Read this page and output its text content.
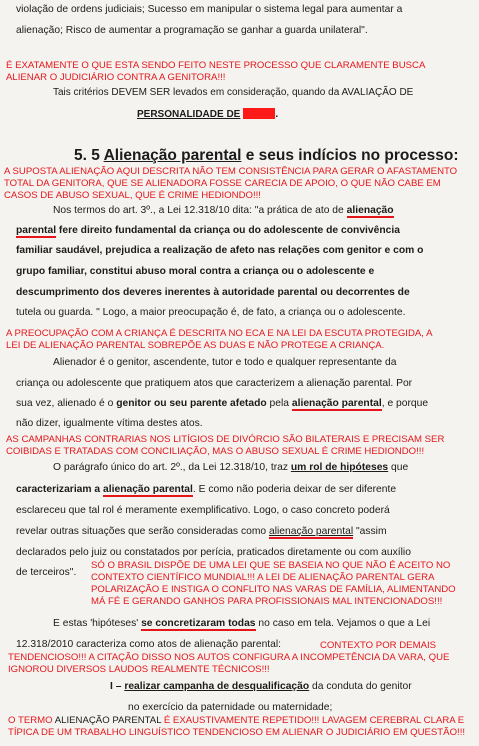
violação de ordens judiciais; Sucesso em manipular o sistema legal para aumentar a
alienação; Risco de aumentar a programação se ganhar a guarda unilateral".
É EXATAMENTE O QUE ESTA SENDO FEITO NESTE PROCESSO QUE CLARAMENTE BUSCA
ALIENAR O JUDICIÁRIO CONTRA A GENITORA!!!
Tais critérios DEVEM SER levados em consideração, quando da AVALIAÇÃO DE
PERSONALIDADE DE	.
5. 5 Alienação parental e seus indícios no processo:
A SUPOSTA ALIENAÇÃO AQUI DESCRITA NÃO TEM CONSISTÊNCIA PARA GERAR O AFASTAMENTO
TOTAL DA GENITORA, QUE SE ALIENADORA FOSSE CARECIA DE APOIO, O QUE NÃO CABE EM
CASOS DE ABUSO SEXUAL, QUE É CRIME HEDIONDO!!!
Nos termos do art. 3º., a Lei 12.318/10 dita: "a prática de ato de alienação
parental fere direito fundamental da criança ou do adolescente de convivência
familiar saudável, prejudica a realização de afeto nas relações com genitor e com o
grupo familiar, constitui abuso moral contra a criança ou o adolescente e
descumprimento dos deveres inerentes à autoridade parental ou decorrentes de
tutela ou guarda. " Logo, a maior preocupação é, de fato, a criança ou o adolescente.
A PREOCUPAÇÃO COM A CRIANÇA É DESCRITA NO ECA E NA LEI DA ESCUTA PROTEGIDA, A
LEI DE ALIENAÇÃO PARENTAL SOBREPÕE AS DUAS E NÃO PROTEGE A CRIANÇA.
Alienador é o genitor, ascendente, tutor e todo e qualquer representante da
criança ou adolescente que pratiquem atos que caracterizem a alienação parental. Por
sua vez, alienado é o genitor ou seu parente afetado pela alienação parental, e porque
não dizer, igualmente vítima destes atos.
AS CAMPANHAS CONTRARIAS NOS LITÍGIOS DE DIVÓRCIO SÃO BILATERAIS E PRECISAM SER
COIBIDAS E TRATADAS COM CONCILIAÇÃO, MAS O ABUSO SEXUAL É CRIME HEDIONDO!!!
O parágrafo único do art. 2º., da Lei 12.318/10, traz um rol de hipóteses que
caracterizariam a alienação parental. E como não poderia deixar de ser diferente
esclareceu que tal rol é meramente exemplificativo. Logo, o caso concreto poderá
revelar outras situações que serão consideradas como alienação parental "assim
declarados pelo juiz ou constatados por perícia, praticados diretamente ou com auxílio
de terceiros".
SÓ O BRASIL DISPÕE DE UMA LEI QUE SE BASEIA NO QUE NÃO É ACEITO NO
CONTEXTO CIENTÍFICO MUNDIAL!!! A LEI DE ALIENAÇÃO PARENTAL GERA
POLARIZAÇÃO E INSTIGA O CONFLITO NAS VARAS DE FAMÍLIA, ALIMENTANDO
MÁ FÉ E GERANDO GANHOS PARA PROFISSIONAIS MAL INTENCIONADOS!!!
E estas 'hipóteses' se concretizaram todas no caso em tela. Vejamos o que a Lei
12.318/2010 caracteriza como atos de alienação parental:	CONTEXTO POR DEMAIS
TENDENCIOSO!!! A CITAÇÃO DISSO NOS AUTOS CONFIGURA A INCOMPETÊNCIA DA VARA, QUE
IGNOROU DIVERSOS LAUDOS REALMENTE TÉCNICOS!!!
I – realizar campanha de desqualificação da conduta do genitor
no exercício da paternidade ou maternidade;
O TERMO ALIENAÇÃO PARENTAL É EXAUSTIVAMENTE REPETIDO!!! LAVAGEM CEREBRAL CLARA E
TÍPICA DE UM TRABALHO LINGUÍSTICO TENDENCIOSO EM ALIENAR O JUDICIÁRIO EM QUESTÃO!!!
